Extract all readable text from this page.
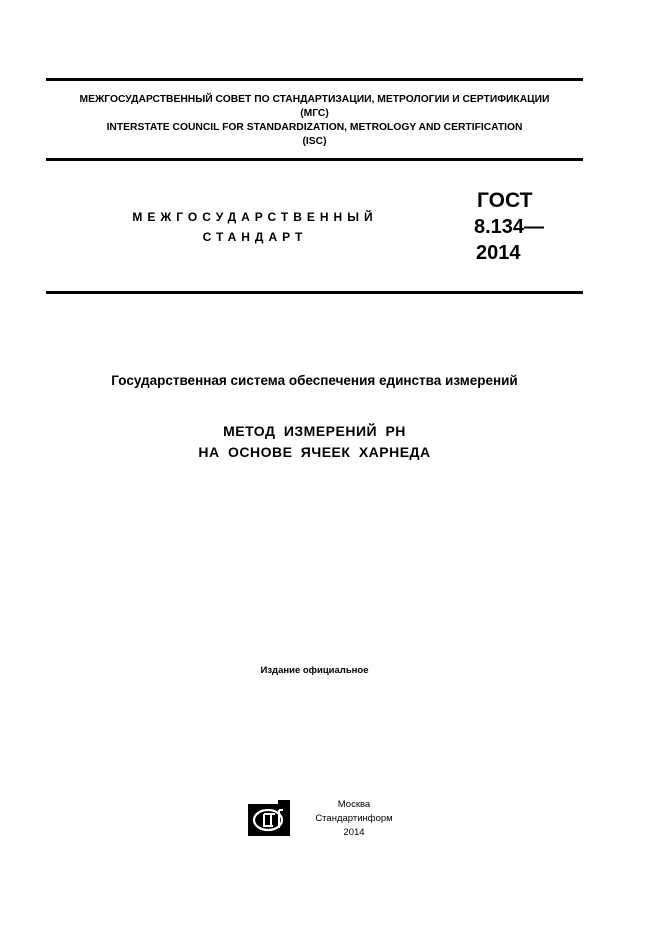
МЕЖГОСУДАРСТВЕННЫЙ СОВЕТ ПО СТАНДАРТИЗАЦИИ, МЕТРОЛОГИИ И СЕРТИФИКАЦИИ
(МГС)
INTERSTATE COUNCIL FOR STANDARDIZATION, METROLOGY AND CERTIFICATION
(ISC)
МЕЖГОСУДАРСТВЕННЫЙ
СТАНДАРТ
ГОСТ
8.134—
2014
Государственная система обеспечения единства измерений
МЕТОД ИЗМЕРЕНИЙ PH
НА ОСНОВЕ ЯЧЕЕК ХАРНЕДА
Издание официальное
Москва
Стандартинформ
2014
